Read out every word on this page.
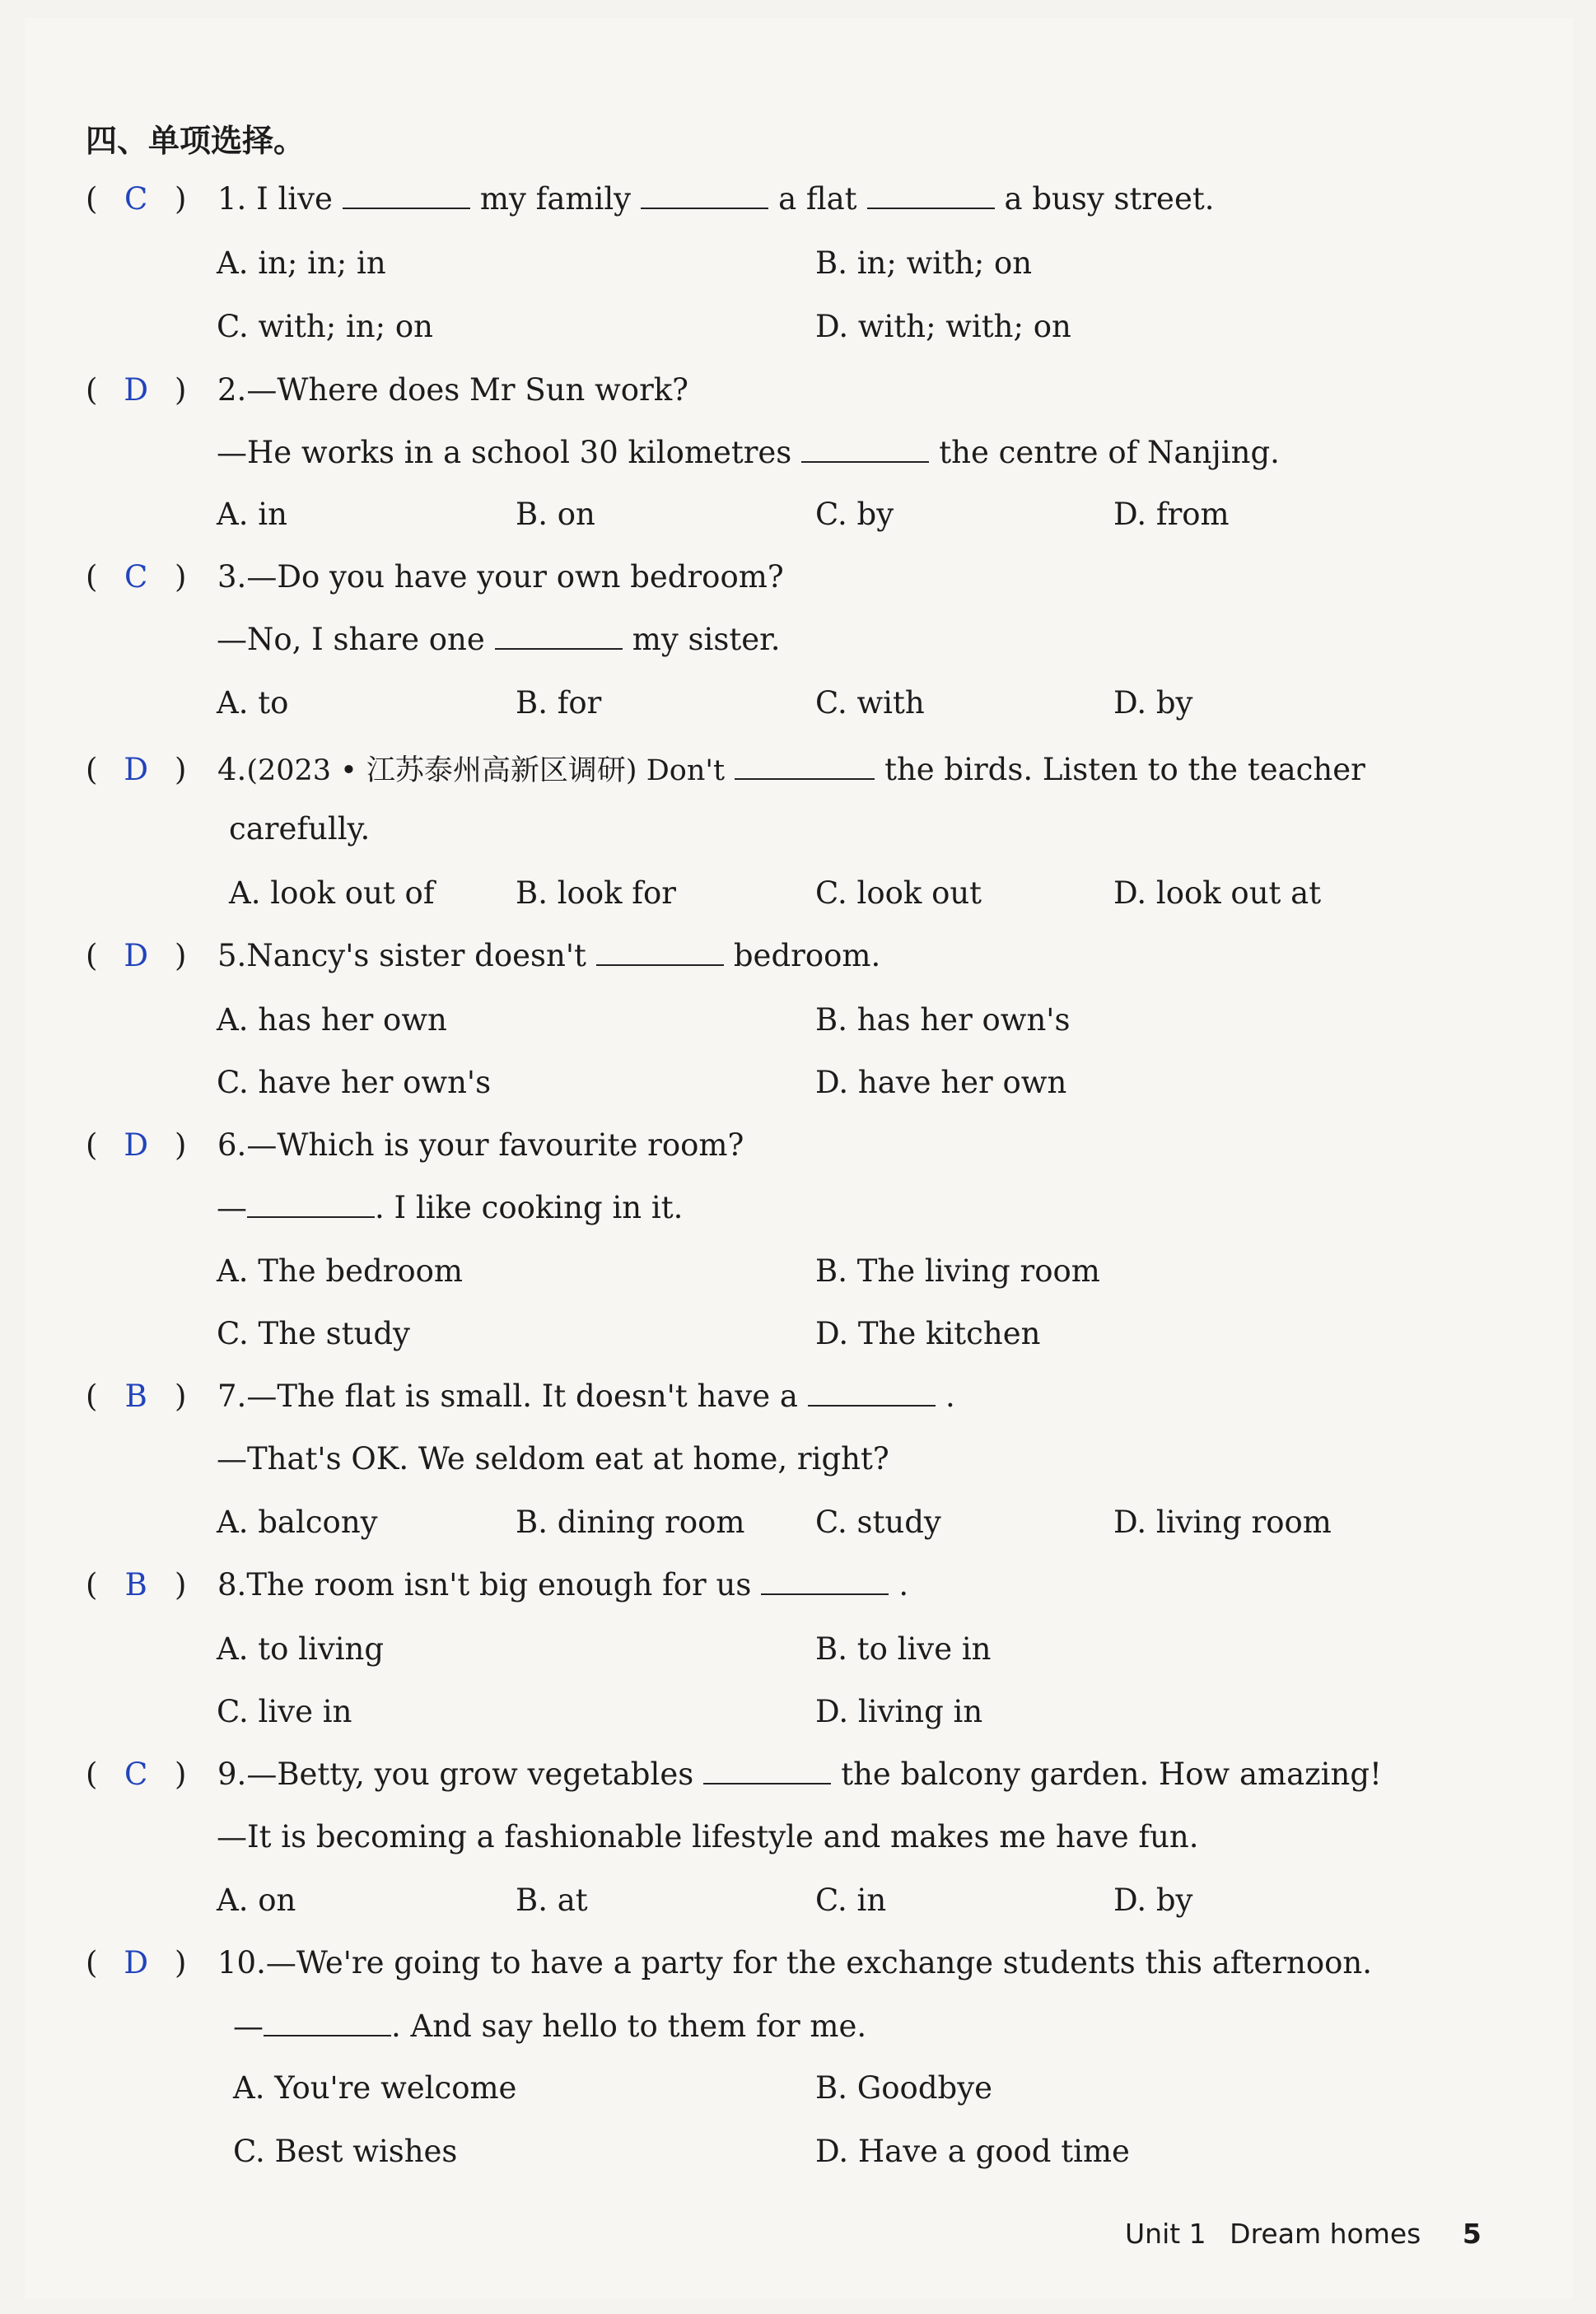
四、单项选择。
( C ) 1. I live	my family	a flat	a busy street.
A. in; in; in	B. in; with; on
C. with; in; on	D. with; with; on
( D ) 2.—Where does Mr Sun work?
—He works in a school 30 kilometres	the centre of Nanjing.
A. in	B. on	C. by	D. from
( C ) 3.—Do you have your own bedroom?
—No, I share one	my sister.
A. to	B. for	C. with	D. by
( D ) 4.(2023 • 江苏泰州高新区调研) Don't	the birds. Listen to the teacher
carefully.
A. look out of	B. look for	C. look out	D. look out at
( D ) 5.Nancy's sister doesn't	bedroom.
A. has her own	B. has her own's
C. have her own's	D. have her own
( D ) 6.—Which is your favourite room?
—	. I like cooking in it.
A. The bedroom	B. The living room
C. The study	D. The kitchen
( B ) 7.—The flat is small. It doesn't have a	.
—That's OK. We seldom eat at home, right?
A. balcony	B. dining room C. study	D. living room
( B ) 8.The room isn't big enough for us	.
A. to living	B. to live in
C. live in	D. living in
( C ) 9.—Betty, you grow vegetables	the balcony garden. How amazing!
—It is becoming a fashionable lifestyle and makes me have fun.
A. on	B. at	C. in	D. by
( D ) 10.—We're going to have a party for the exchange students this afternoon.
—	. And say hello to them for me.
A. You're welcome	B. Goodbye
C. Best wishes	D. Have a good time
Unit 1 Dream homes 5
